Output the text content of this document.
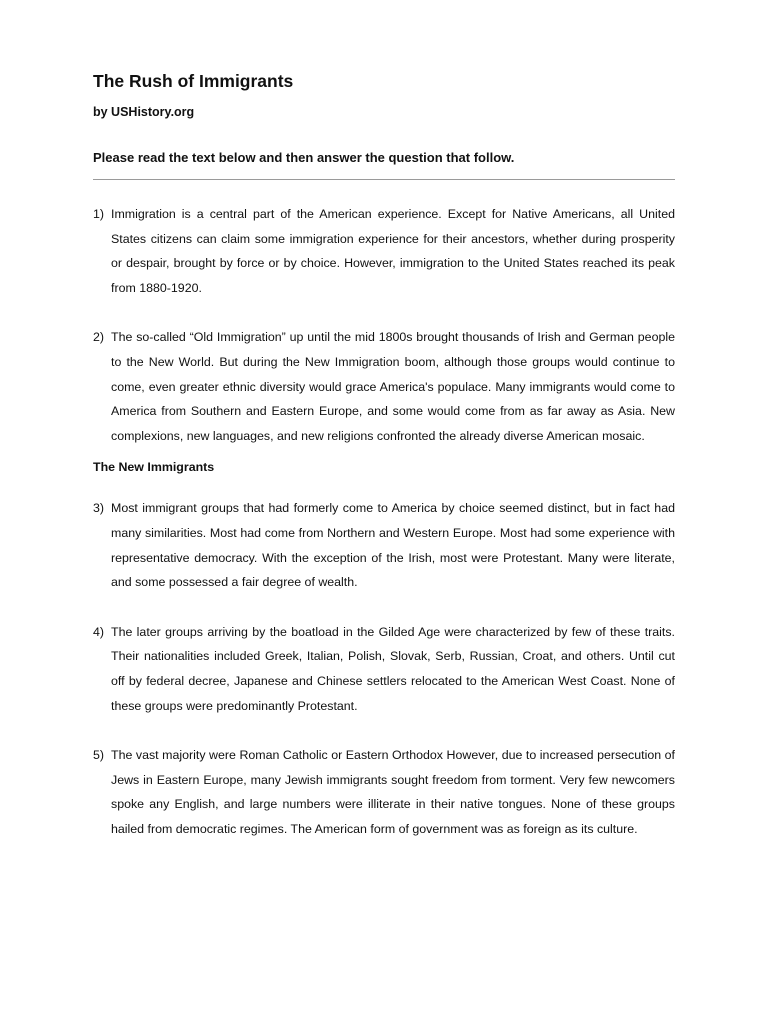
The Rush of Immigrants
by USHistory.org
Please read the text below and then answer the question that follow.
1) Immigration is a central part of the American experience. Except for Native Americans, all United States citizens can claim some immigration experience for their ancestors, whether during prosperity or despair, brought by force or by choice. However, immigration to the United States reached its peak from 1880-1920.
2) The so-called “Old Immigration” up until the mid 1800s brought thousands of Irish and German people to the New World. But during the New Immigration boom, although those groups would continue to come, even greater ethnic diversity would grace America's populace. Many immigrants would come to America from Southern and Eastern Europe, and some would come from as far away as Asia. New complexions, new languages, and new religions confronted the already diverse American mosaic.
The New Immigrants
3) Most immigrant groups that had formerly come to America by choice seemed distinct, but in fact had many similarities. Most had come from Northern and Western Europe. Most had some experience with representative democracy. With the exception of the Irish, most were Protestant. Many were literate, and some possessed a fair degree of wealth.
4) The later groups arriving by the boatload in the Gilded Age were characterized by few of these traits. Their nationalities included Greek, Italian, Polish, Slovak, Serb, Russian, Croat, and others. Until cut off by federal decree, Japanese and Chinese settlers relocated to the American West Coast. None of these groups were predominantly Protestant.
5) The vast majority were Roman Catholic or Eastern Orthodox However, due to increased persecution of Jews in Eastern Europe, many Jewish immigrants sought freedom from torment. Very few newcomers spoke any English, and large numbers were illiterate in their native tongues. None of these groups hailed from democratic regimes. The American form of government was as foreign as its culture.
